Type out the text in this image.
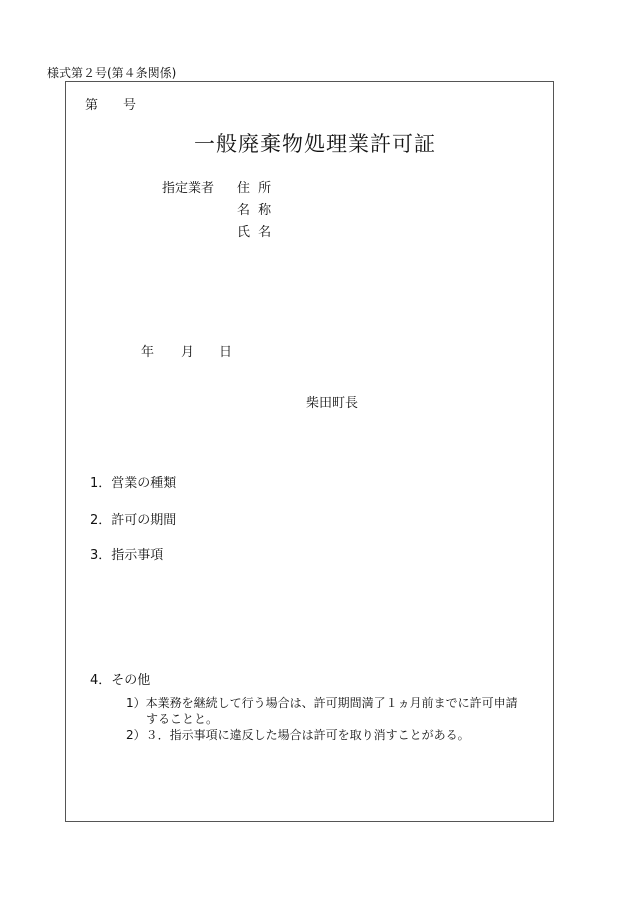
様式第２号(第４条関係)
第 号
一般廃棄物処理業許可証
指定業者 住 所
名 称
氏 名
年 月 日
柴田町長
1．営業の種類
2．許可の期間
3．指示事項
4．その他
1）本業務を継続して行う場合は、許可期間満了１ヵ月前までに許可申請
することと。
2）３．指示事項に違反した場合は許可を取り消すことがある。
